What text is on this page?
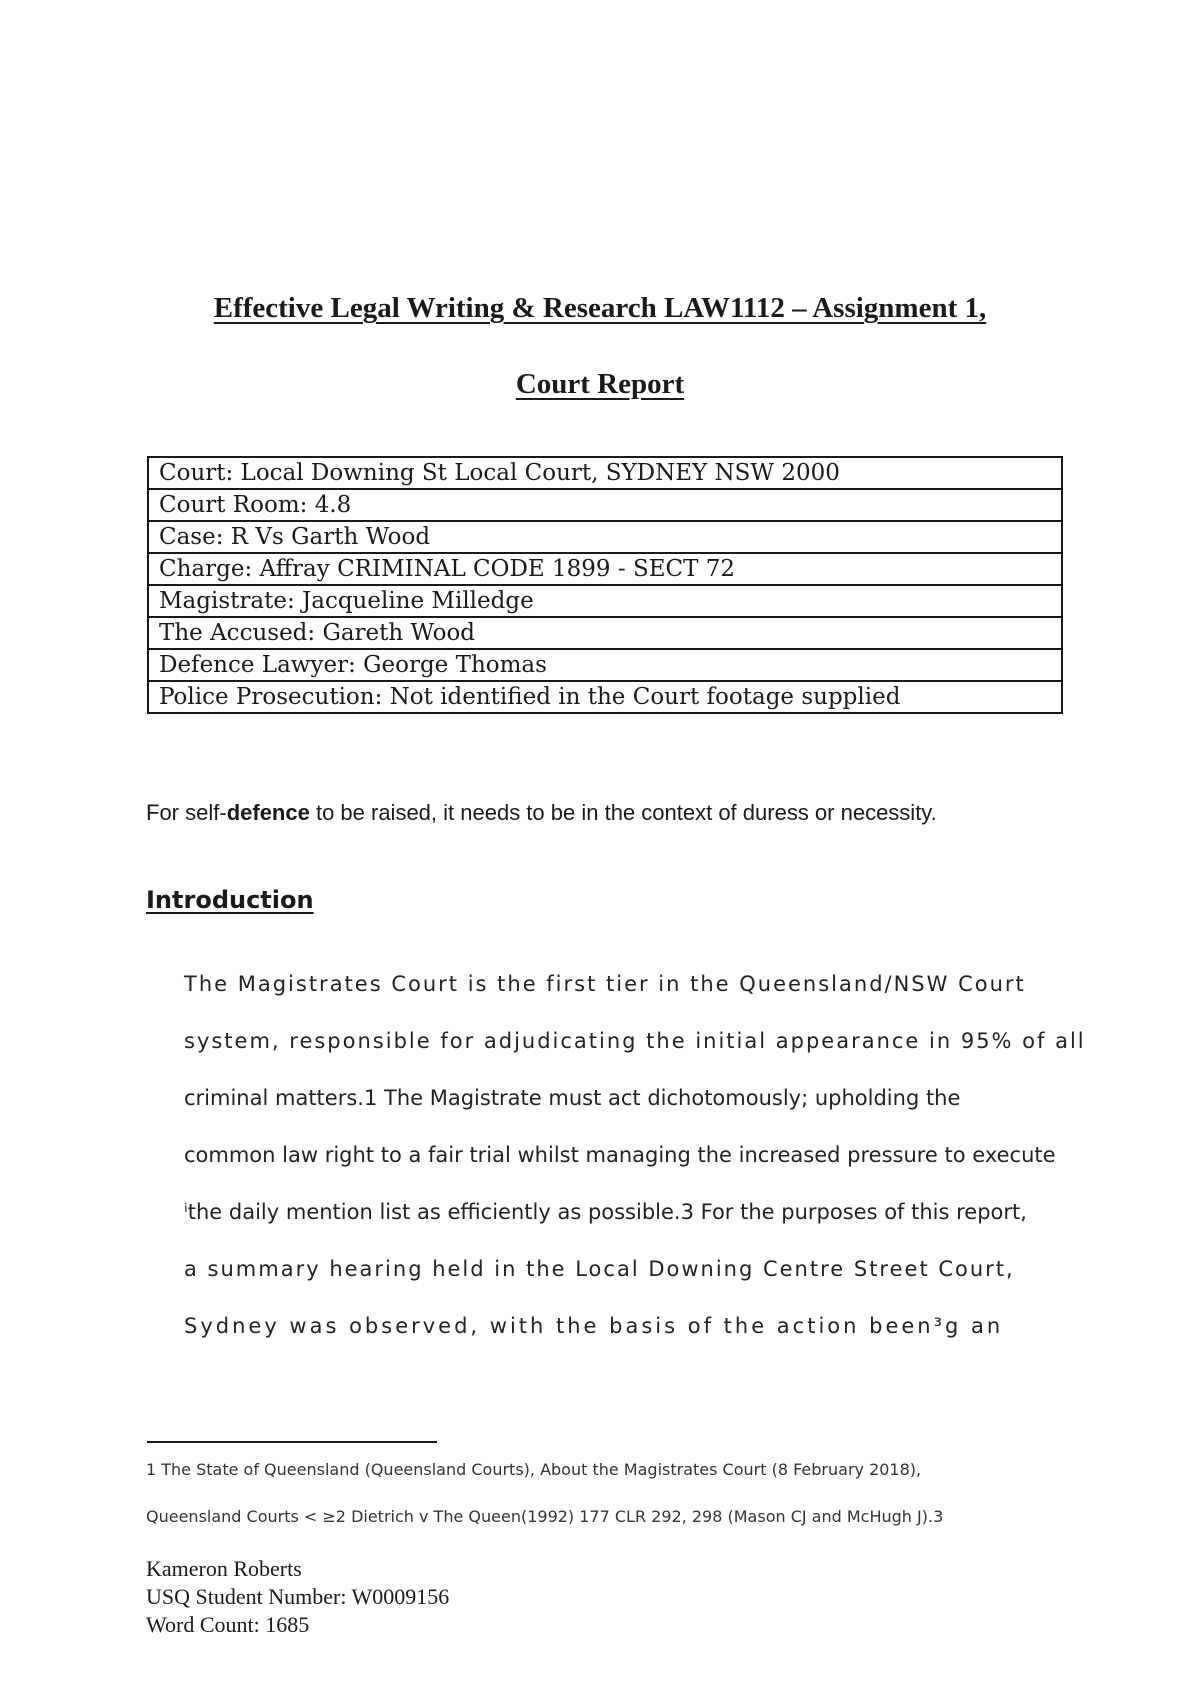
Effective Legal Writing & Research LAW1112 – Assignment 1,
Court Report
Court: Local Downing St Local Court, SYDNEY NSW 2000
Court Room: 4.8
Case: R Vs Garth Wood
Charge: Affray CRIMINAL CODE 1899 - SECT 72
Magistrate: Jacqueline Milledge
The Accused: Gareth Wood
Defence Lawyer: George Thomas
Police Prosecution: Not identified in the Court footage supplied
For self-defence to be raised, it needs to be in the context of duress or necessity.
Introduction
The Magistrates Court is the first tier in the Queensland/NSW Court
system, responsible for adjudicating the initial appearance in 95% of all
criminal matters.1 The Magistrate must act dichotomously; upholding the
common law right to a fair trial whilst managing the increased pressure to execute
ⁱthe daily mention list as efficiently as possible.3 For the purposes of this report,
a summary hearing held in the Local Downing Centre Street Court,
Sydney was observed, with the basis of the action been³g an
1 The State of Queensland (Queensland Courts), About the Magistrates Court (8 February 2018),
Queensland Courts < ≥2 Dietrich v The Queen(1992) 177 CLR 292, 298 (Mason CJ and McHugh J).3
Kameron Roberts
USQ Student Number: W0009156
Word Count: 1685
